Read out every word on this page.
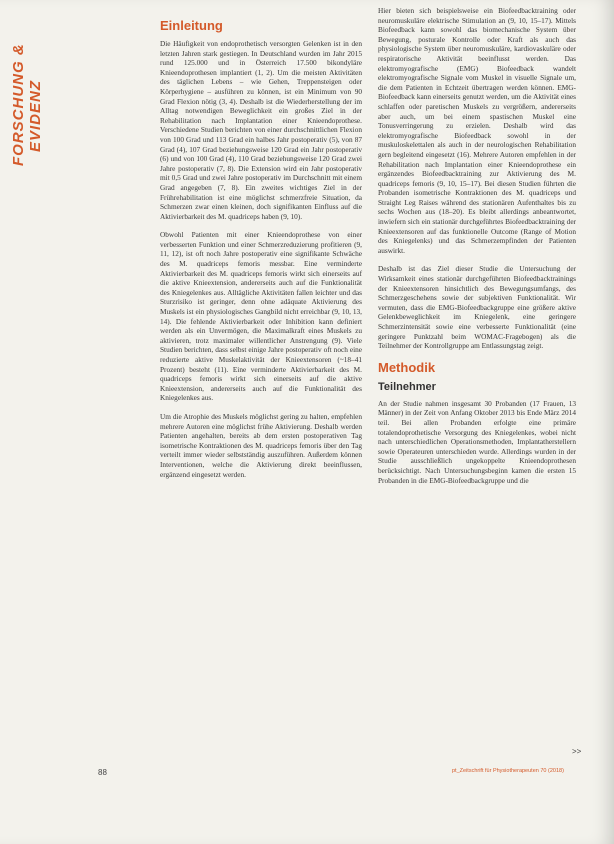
FORSCHUNG & EVIDENZ
Einleitung

Die Häufigkeit von endoprothetisch versorgten Gelenken ist in den letzten Jahren stark gestiegen. In Deutschland wurden im Jahr 2015 rund 125.000 und in Österreich 17.500 bikondyläre Knieendoprothesen implantiert (1, 2). Um die meisten Aktivitäten des täglichen Lebens – wie Gehen, Treppensteigen oder Körperhygiene – ausführen zu können, ist ein Minimum von 90 Grad Flexion nötig (3, 4). Deshalb ist die Wiederherstellung der im Alltag notwendigen Beweglichkeit ein großes Ziel in der Rehabilitation nach Implantation einer Knieendoprothese. Verschiedene Studien berichten von einer durchschnittlichen Flexion von 100 Grad und 113 Grad ein halbes Jahr postoperativ (5), von 87 Grad (4), 107 Grad beziehungsweise 120 Grad ein Jahr postoperativ (6) und von 100 Grad (4), 110 Grad beziehungsweise 120 Grad zwei Jahre postoperativ (7, 8). Die Extension wird ein Jahr postoperativ mit 0,5 Grad und zwei Jahre postoperativ im Durchschnitt mit einem Grad angegeben (7, 8). Ein zweites wichtiges Ziel in der Frührehabilitation ist eine möglichst schmerzfreie Situation, da Schmerzen zwar einen kleinen, doch signifikanten Einfluss auf die Aktivierbarkeit des M. quadriceps haben (9, 10).

Obwohl Patienten mit einer Knieendoprothese von einer verbesserten Funktion und einer Schmerzreduzierung profitieren (9, 11, 12), ist oft noch Jahre postoperativ eine signifikante Schwäche des M. quadriceps femoris messbar. Eine verminderte Aktivierbarkeit des M. quadriceps femoris wirkt sich einerseits auf die aktive Knieextension, andererseits auch auf die Funktionalität des Kniegelenkes aus. Alltägliche Aktivitäten fallen leichter und das Sturzrisiko ist geringer, denn ohne adäquate Aktivierung des Muskels ist ein physiologisches Gangbild nicht erreichbar (9, 10, 13, 14). Die fehlende Aktivierbarkeit oder Inhibition kann definiert werden als ein Unvermögen, die Maximalkraft eines Muskels zu aktivieren, trotz maximaler willentlicher Anstrengung (9). Viele Studien berichten, dass selbst einige Jahre postoperativ oft noch eine reduzierte aktive Muskelaktivität der Knieextensoren (~18–41 Prozent) besteht (11). Eine verminderte Aktivierbarkeit des M. quadriceps femoris wirkt sich einerseits auf die aktive Knieextension, andererseits auch auf die Funktionalität des Kniegelenkes aus.

Um die Atrophie des Muskels möglichst gering zu halten, empfehlen mehrere Autoren eine möglichst frühe Aktivierung. Deshalb werden Patienten angehalten, bereits ab dem ersten postoperativen Tag isometrische Kontraktionen des M. quadriceps femoris über den Tag verteilt immer wieder selbstständig auszuführen. Außerdem können Interventionen, welche die Aktivierung direkt beeinflussen, ergänzend eingesetzt werden.

Hier bieten sich beispielsweise ein Biofeedbacktraining oder neuromuskuläre elektrische Stimulation an (9, 10, 15–17). Mittels Biofeedback kann sowohl das biomechanische System über Bewegung, posturale Kontrolle oder Kraft als auch das physiologische System über neuromuskuläre, kardiovaskuläre oder respiratorische Aktivität beeinflusst werden. Das elektromyografische (EMG) Biofeedback wandelt elektromyografische Signale vom Muskel in visuelle Signale um, die dem Patienten in Echtzeit übertragen werden können. EMG-Biofeedback kann einerseits genutzt werden, um die Aktivität eines schlaffen oder paretischen Muskels zu vergrößern, andererseits aber auch, um bei einem spastischen Muskel eine Tonusverringerung zu erzielen. Deshalb wird das elektromyografische Biofeedback sowohl in der muskuloskelettalen als auch in der neurologischen Rehabilitation gern begleitend eingesetzt (16). Mehrere Autoren empfehlen in der Rehabilitation nach Implantation einer Knieendoprothese ein ergänzendes Biofeedbacktraining zur Aktivierung des M. quadriceps femoris (9, 10, 15–17). Bei diesen Studien führten die Probanden isometrische Kontraktionen des M. quadriceps und Straight Leg Raises während des stationären Aufenthaltes bis zu sechs Wochen aus (18–20). Es bleibt allerdings anbeantwortet, inwiefern sich ein stationär durchgeführtes Biofeedbacktraining der Knieextensoren auf das funktionelle Outcome (Range of Motion des Kniegelenks) und das Schmerzempfinden der Patienten auswirkt.

Deshalb ist das Ziel dieser Studie die Untersuchung der Wirksamkeit eines stationär durchgeführten Biofeedbacktrainings der Knieextensoren hinsichtlich des Bewegungsumfangs, des Schmerzgeschehens sowie der subjektiven Funktionalität. Wir vermuten, dass die EMG-Biofeedbackgruppe eine größere aktive Gelenkbeweglichkeit im Kniegelenk, eine geringere Schmerzintensität sowie eine verbesserte Funktionalität (eine geringere Punktzahl beim WOMAC-Fragebogen) als die Teilnehmer der Kontrollgruppe am Entlassungstag zeigt.

Methodik
Teilnehmer

An der Studie nahmen insgesamt 30 Probanden (17 Frauen, 13 Männer) in der Zeit von Anfang Oktober 2013 bis Ende März 2014 teil. Bei allen Probanden erfolgte eine primäre totalendoprothetische Versorgung des Kniegelenkes, wobei nicht nach unterschiedlichen Operationsmethoden, Implantatherstellern sowie Operateuren unterschieden wurde. Allerdings wurden in der Studie ausschließlich ungekoppelte Knieendoprothesen berücksichtigt. Nach Untersuchungsbeginn kamen die ersten 15 Probanden in die EMG-Biofeedbackgruppe und die

>>
88	pt_Zeitschrift für Physiotherapeuten 70 (2018)
